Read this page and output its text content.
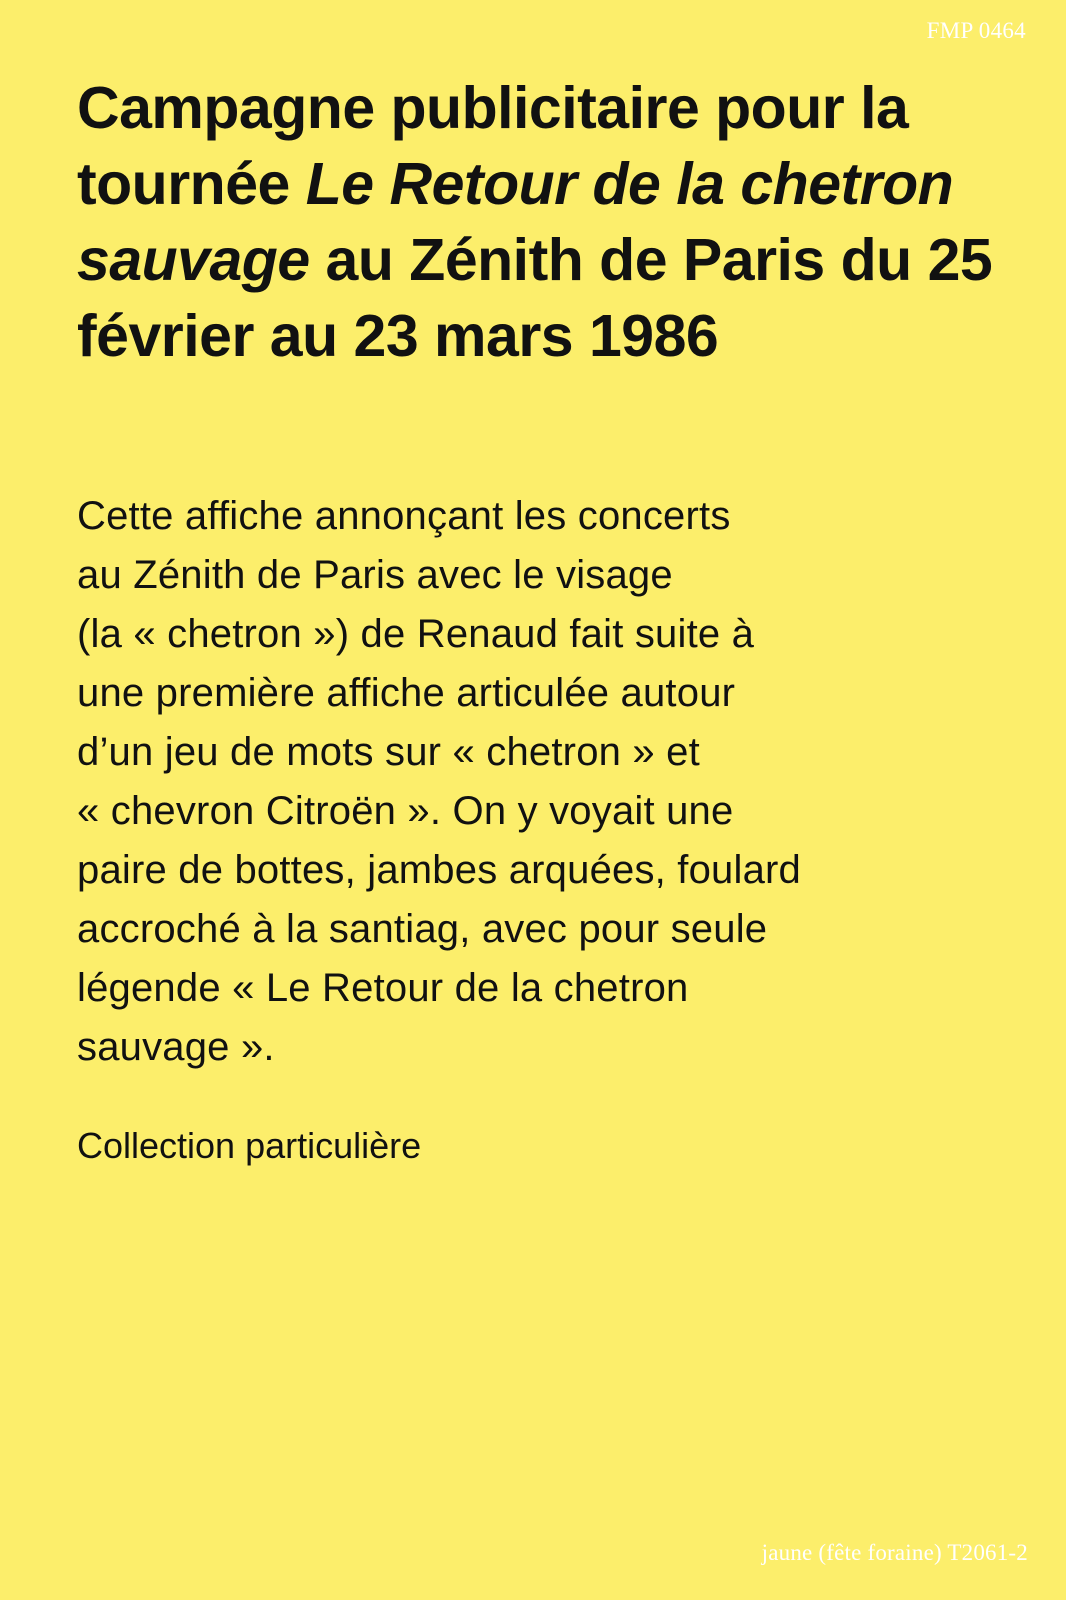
FMP 0464
Campagne publicitaire pour la tournée Le Retour de la chetron sauvage au Zénith de Paris du 25 février au 23 mars 1986

Cette affiche annonçant les concerts
au Zénith de Paris avec le visage
(la « chetron ») de Renaud fait suite à
une première affiche articulée autour
d’un jeu de mots sur « chetron » et
« chevron Citroën ». On y voyait une
paire de bottes, jambes arquées, foulard
accroché à la santiag, avec pour seule
légende « Le Retour de la chetron
sauvage ».

Collection particulière

jaune (fête foraine) T2061-2
